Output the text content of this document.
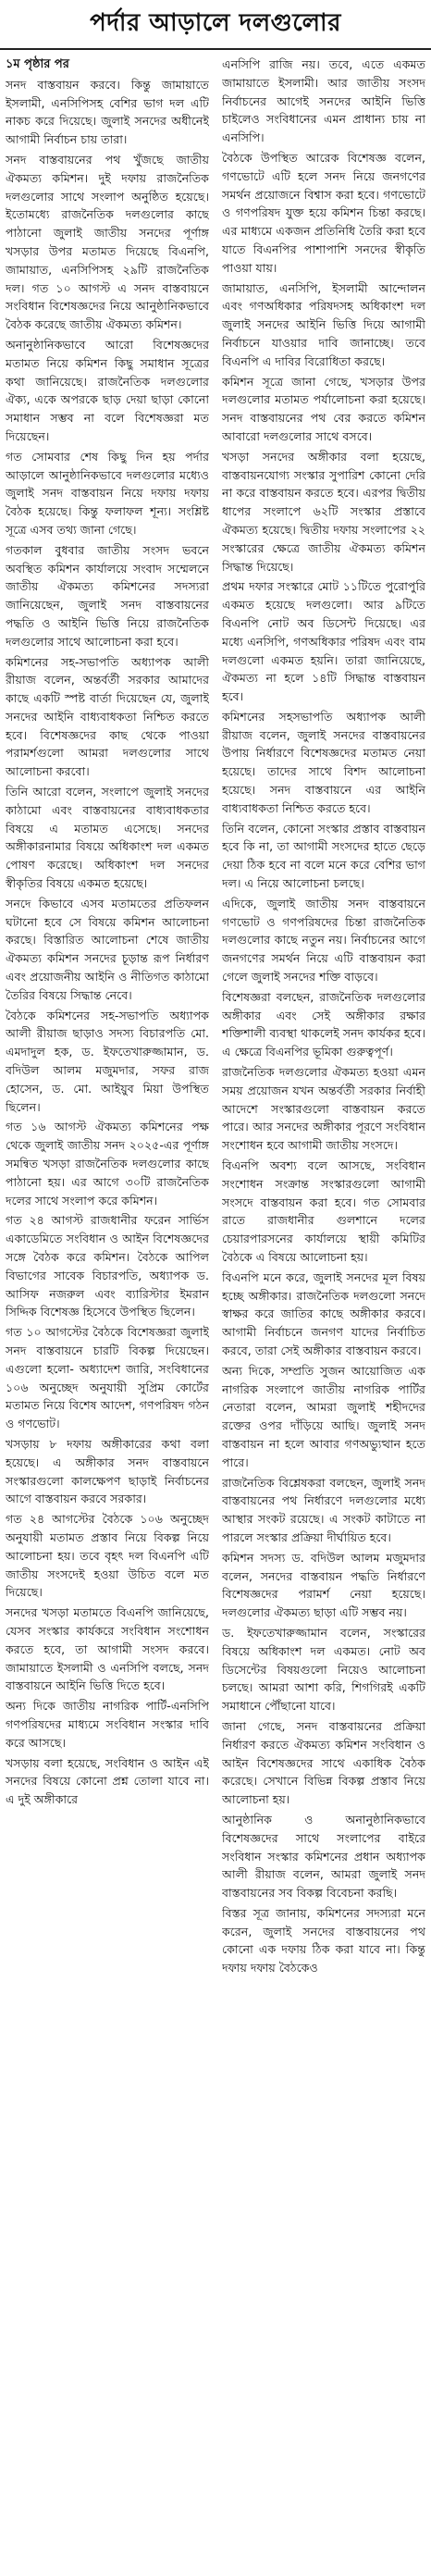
পর্দার আড়ালে দলগুলোর
১ম পৃষ্ঠার পর

সনদ বাস্তবায়ন করবে। কিন্তু জামায়াতে ইসলামী, এনসিপিসহ বেশির ভাগ দল এটি নাকচ করে দিয়েছে। জুলাই সনদের অধীনেই আগামী নির্বাচন চায় তারা।

সনদ বাস্তবায়নের পথ খুঁজছে জাতীয় ঐকমত্য কমিশন। দুই দফায় রাজনৈতিক দলগুলোর সাথে সংলাপ অনুষ্ঠিত হয়েছে। ইতোমধ্যে রাজনৈতিক দলগুলোর কাছে পাঠানো জুলাই জাতীয় সনদের পূর্ণাঙ্গ খসড়ার উপর মতামত দিয়েছে বিএনপি, জামায়াত, এনসিপিসহ ২৯টি রাজনৈতিক দল। গত ১০ আগস্ট এ সনদ বাস্তবায়নে সংবিধান বিশেষজ্ঞদের নিয়ে আনুষ্ঠানিকভাবে বৈঠক করেছে জাতীয় ঐকমত্য কমিশন।

অনানুষ্ঠানিকভাবে আরো বিশেষজ্ঞদের মতামত নিয়ে কমিশন কিছু সমাধান সূত্রের কথা জানিয়েছে। রাজনৈতিক দলগুলোর ঐক্য, একে অপরকে ছাড় দেয়া ছাড়া কোনো সমাধান সম্ভব না বলে বিশেষজ্ঞরা মত দিয়েছেন।

গত সোমবার শেষ কিছু দিন হয় পর্দার আড়ালে আনুষ্ঠানিকভাবে দলগুলোর মধ্যেও জুলাই সনদ বাস্তবায়ন নিয়ে দফায় দফায় বৈঠক হয়েছে। কিন্তু ফলাফল শূন্য। সংশ্লিষ্ট সূত্রে এসব তথ্য জানা গেছে।

গতকাল বুধবার জাতীয় সংসদ ভবনে অবস্থিত কমিশন কার্যালয়ে সংবাদ সম্মেলনে জাতীয় ঐকমত্য কমিশনের সদস্যরা জানিয়েছেন, জুলাই সনদ বাস্তবায়নের পদ্ধতি ও আইনি ভিত্তি নিয়ে রাজনৈতিক দলগুলোর সাথে আলোচনা করা হবে।

কমিশনের সহ-সভাপতি অধ্যাপক আলী রীয়াজ বলেন, অন্তর্বর্তী সরকার আমাদের কাছে একটি স্পষ্ট বার্তা দিয়েছেন যে, জুলাই সনদের আইনি বাধ্যবাধকতা নিশ্চিত করতে হবে। বিশেষজ্ঞদের কাছ থেকে পাওয়া পরামর্শগুলো আমরা দলগুলোর সাথে আলোচনা করবো।

তিনি আরো বলেন, সংলাপে জুলাই সনদের কাঠামো এবং বাস্তবায়নের বাধ্যবাধকতার বিষয়ে এ মতামত এসেছে। সনদের অঙ্গীকারনামার বিষয়ে অধিকাংশ দল একমত পোষণ করেছে। অধিকাংশ দল সনদের স্বীকৃতির বিষয়ে একমত হয়েছে।

সনদে কিভাবে এসব মতামতের প্রতিফলন ঘটানো হবে সে বিষয়ে কমিশন আলোচনা করছে। বিস্তারিত আলোচনা শেষে জাতীয় ঐকমত্য কমিশন সনদের চূড়ান্ত রূপ নির্ধারণ এবং প্রয়োজনীয় আইনি ও নীতিগত কাঠামো তৈরির বিষয়ে সিদ্ধান্ত নেবে।

বৈঠকে কমিশনের সহ-সভাপতি অধ্যাপক আলী রীয়াজ ছাড়াও সদস্য বিচারপতি মো. এমদাদুল হক, ড. ইফতেখারুজ্জামান, ড. বদিউল আলম মজুমদার, সফর রাজ হোসেন, ড. মো. আইয়ুব মিয়া উপস্থিত ছিলেন।

গত ১৬ আগস্ট ঐকমত্য কমিশনের পক্ষ থেকে জুলাই জাতীয় সনদ ২০২৫-এর পূর্ণাঙ্গ সমন্বিত খসড়া রাজনৈতিক দলগুলোর কাছে পাঠানো হয়। এর আগে ৩০টি রাজনৈতিক দলের সাথে সংলাপ করে কমিশন।

গত ২৪ আগস্ট রাজধানীর ফরেন সার্ভিস একাডেমিতে সংবিধান ও আইন বিশেষজ্ঞদের সঙ্গে বৈঠক করে কমিশন। বৈঠকে আপিল বিভাগের সাবেক বিচারপতি, অধ্যাপক ড. আসিফ নজরুল এবং ব্যারিস্টার ইমরান সিদ্দিক বিশেষজ্ঞ হিসেবে উপস্থিত ছিলেন।

গত ১০ আগস্টের বৈঠকে বিশেষজ্ঞরা জুলাই সনদ বাস্তবায়নে চারটি বিকল্প দিয়েছেন। এগুলো হলো- অধ্যাদেশ জারি, সংবিধানের ১০৬ অনুচ্ছেদ অনুযায়ী সুপ্রিম কোর্টের মতামত নিয়ে বিশেষ আদেশ, গণপরিষদ গঠন ও গণভোট।

খসড়ায় ৮ দফায় অঙ্গীকারের কথা বলা হয়েছে। এ অঙ্গীকার সনদ বাস্তবায়নে সংস্কারগুলো কালক্ষেপণ ছাড়াই নির্বাচনের আগে বাস্তবায়ন করবে সরকার।

গত ২৪ আগস্টের বৈঠকে ১০৬ অনুচ্ছেদ অনুযায়ী মতামত প্রস্তাব নিয়ে বিকল্প নিয়ে আলোচনা হয়। তবে বৃহৎ দল বিএনপি এটি জাতীয় সংসদেই হওয়া উচিত বলে মত দিয়েছে।

সনদের খসড়া মতামতে বিএনপি জানিয়েছে, যেসব সংস্কার কার্যকরে সংবিধান সংশোধন করতে হবে, তা আগামী সংসদ করবে। জামায়াতে ইসলামী ও এনসিপি বলছে, সনদ বাস্তবায়নে আইনি ভিত্তি দিতে হবে।

অন্য দিকে জাতীয় নাগরিক পার্টি-এনসিপি গণপরিষদের মাধ্যমে সংবিধান সংস্কার দাবি করে আসছে।

খসড়ায় বলা হয়েছে, সংবিধান ও আইন এই সনদের বিষয়ে কোনো প্রশ্ন তোলা যাবে না। এ দুই অঙ্গীকারে

এনসিপি রাজি নয়। তবে, এতে একমত জামায়াতে ইসলামী। আর জাতীয় সংসদ নির্বাচনের আগেই সনদের আইনি ভিত্তি চাইলেও সংবিধানের এমন প্রাধান্য চায় না এনসিপি।

বৈঠকে উপস্থিত আরেক বিশেষজ্ঞ বলেন, গণভোটে এটি হলে সনদ নিয়ে জনগণের সমর্থন প্রয়োজনে বিশ্বাস করা হবে। গণভোটে ও গণপরিষদ যুক্ত হয়ে কমিশন চিন্তা করছে। এর মাধ্যমে একজন প্রতিনিধি তৈরি করা হবে যাতে বিএনপির পাশাপাশি সনদের স্বীকৃতি পাওয়া যায়।

জামায়াত, এনসিপি, ইসলামী আন্দোলন এবং গণঅধিকার পরিষদসহ অধিকাংশ দল জুলাই সনদের আইনি ভিত্তি দিয়ে আগামী নির্বাচনে যাওয়ার দাবি জানাচ্ছে। তবে বিএনপি এ দাবির বিরোধিতা করছে।

কমিশন সূত্রে জানা গেছে, খসড়ার উপর দলগুলোর মতামত পর্যালোচনা করা হয়েছে। সনদ বাস্তবায়নের পথ বের করতে কমিশন আবারো দলগুলোর সাথে বসবে।

খসড়া সনদের অঙ্গীকার বলা হয়েছে, বাস্তবায়নযোগ্য সংস্কার সুপারিশ কোনো দেরি না করে বাস্তবায়ন করতে হবে। এরপর দ্বিতীয় ধাপের সংলাপে ৬২টি সংস্কার প্রস্তাবে ঐকমত্য হয়েছে। দ্বিতীয় দফায় সংলাপের ২২ সংস্কারের ক্ষেত্রে জাতীয় ঐকমত্য কমিশন সিদ্ধান্ত দিয়েছে।

প্রথম দফার সংস্কারে মোট ১১টিতে পুরোপুরি একমত হয়েছে দলগুলো। আর ৯টিতে বিএনপি নোট অব ডিসেন্ট দিয়েছে। এর মধ্যে এনসিপি, গণঅধিকার পরিষদ এবং বাম দলগুলো একমত হয়নি। তারা জানিয়েছে, ঐকমত্য না হলে ১৪টি সিদ্ধান্ত বাস্তবায়ন হবে।

কমিশনের সহসভাপতি অধ্যাপক আলী রীয়াজ বলেন, জুলাই সনদের বাস্তবায়নের উপায় নির্ধারণে বিশেষজ্ঞদের মতামত নেয়া হয়েছে। তাদের সাথে বিশদ আলোচনা হয়েছে। সনদ বাস্তবায়নে এর আইনি বাধ্যবাধকতা নিশ্চিত করতে হবে।

তিনি বলেন, কোনো সংস্কার প্রস্তাব বাস্তবায়ন হবে কি না, তা আগামী সংসদের হাতে ছেড়ে দেয়া ঠিক হবে না বলে মনে করে বেশির ভাগ দল। এ নিয়ে আলোচনা চলছে।

এদিকে, জুলাই জাতীয় সনদ বাস্তবায়নে গণভোট ও গণপরিষদের চিন্তা রাজনৈতিক দলগুলোর কাছে নতুন নয়। নির্বাচনের আগে জনগণের সমর্থন নিয়ে এটি বাস্তবায়ন করা গেলে জুলাই সনদের শক্তি বাড়বে।

বিশেষজ্ঞরা বলছেন, রাজনৈতিক দলগুলোর অঙ্গীকার এবং সেই অঙ্গীকার রক্ষার শক্তিশালী ব্যবস্থা থাকলেই সনদ কার্যকর হবে। এ ক্ষেত্রে বিএনপির ভূমিকা গুরুত্বপূর্ণ।

রাজনৈতিক দলগুলোর ঐকমত্য হওয়া এমন সময় প্রয়োজন যখন অন্তর্বর্তী সরকার নির্বাহী আদেশে সংস্কারগুলো বাস্তবায়ন করতে পারে। আর সনদের অঙ্গীকার পূরণে সংবিধান সংশোধন হবে আগামী জাতীয় সংসদে।

বিএনপি অবশ্য বলে আসছে, সংবিধান সংশোধন সংক্রান্ত সংস্কারগুলো আগামী সংসদে বাস্তবায়ন করা হবে। গত সোমবার রাতে রাজধানীর গুলশানে দলের চেয়ারপারসনের কার্যালয়ে স্থায়ী কমিটির বৈঠকে এ বিষয়ে আলোচনা হয়।

বিএনপি মনে করে, জুলাই সনদের মূল বিষয় হচ্ছে অঙ্গীকার। রাজনৈতিক দলগুলো সনদে স্বাক্ষর করে জাতির কাছে অঙ্গীকার করবে। আগামী নির্বাচনে জনগণ যাদের নির্বাচিত করবে, তারা সেই অঙ্গীকার বাস্তবায়ন করবে।

অন্য দিকে, সম্প্রতি সুজন আয়োজিত এক নাগরিক সংলাপে জাতীয় নাগরিক পার্টির নেতারা বলেন, আমরা জুলাই শহীদদের রক্তের ওপর দাঁড়িয়ে আছি। জুলাই সনদ বাস্তবায়ন না হলে আবার গণঅভ্যুত্থান হতে পারে।

রাজনৈতিক বিশ্লেষকরা বলছেন, জুলাই সনদ বাস্তবায়নের পথ নির্ধারণে দলগুলোর মধ্যে আস্থার সংকট রয়েছে। এ সংকট কাটাতে না পারলে সংস্কার প্রক্রিয়া দীর্ঘায়িত হবে।

কমিশন সদস্য ড. বদিউল আলম মজুমদার বলেন, সনদের বাস্তবায়ন পদ্ধতি নির্ধারণে বিশেষজ্ঞদের পরামর্শ নেয়া হয়েছে। দলগুলোর ঐকমত্য ছাড়া এটি সম্ভব নয়।

ড. ইফতেখারুজ্জামান বলেন, সংস্কারের বিষয়ে অধিকাংশ দল একমত। নোট অব ডিসেন্টের বিষয়গুলো নিয়েও আলোচনা চলছে। আমরা আশা করি, শিগগিরই একটি সমাধানে পৌঁছানো যাবে।

জানা গেছে, সনদ বাস্তবায়নের প্রক্রিয়া নির্ধারণ করতে ঐকমত্য কমিশন সংবিধান ও আইন বিশেষজ্ঞদের সাথে একাধিক বৈঠক করেছে। সেখানে বিভিন্ন বিকল্প প্রস্তাব নিয়ে আলোচনা হয়।

আনুষ্ঠানিক ও অনানুষ্ঠানিকভাবে বিশেষজ্ঞদের সাথে সংলাপের বাইরে সংবিধান সংস্কার কমিশনের প্রধান অধ্যাপক আলী রীয়াজ বলেন, আমরা জুলাই সনদ বাস্তবায়নের সব বিকল্প বিবেচনা করছি।

বিস্তর সূত্র জানায়, কমিশনের সদস্যরা মনে করেন, জুলাই সনদের বাস্তবায়নের পথ কোনো এক দফায় ঠিক করা যাবে না। কিন্তু দফায় দফায় বৈঠকেও
